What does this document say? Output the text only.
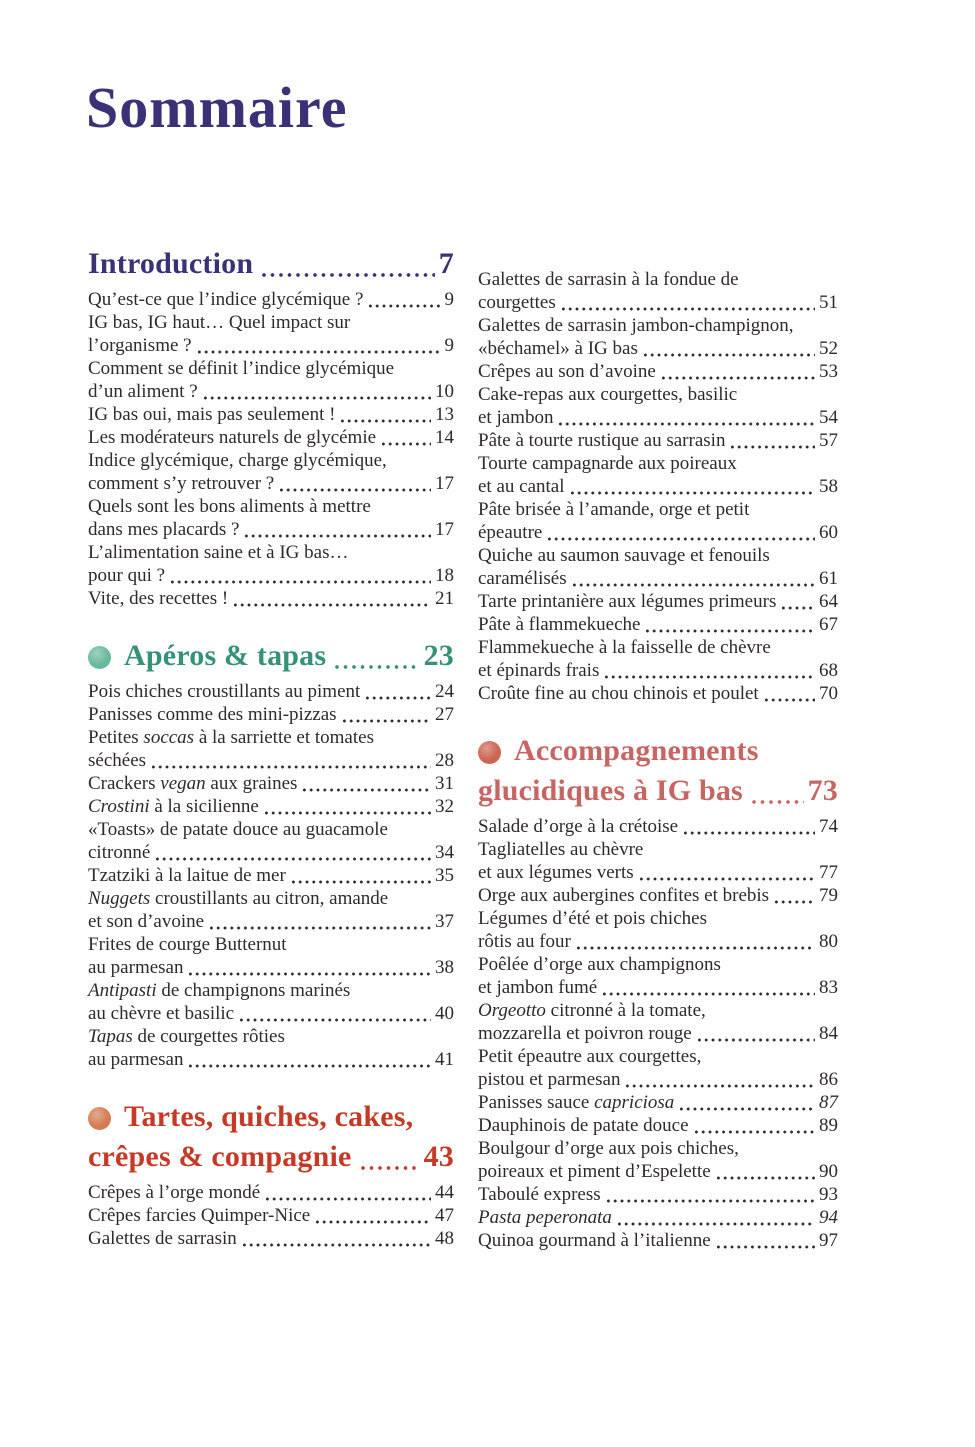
Sommaire
Introduction	7
Qu’est-ce que l’indice glycémique ?	9
IG bas, IG haut… Quel impact sur
l’organisme ?	9
Comment se définit l’indice glycémique
d’un aliment ?	10
IG bas oui, mais pas seulement !	13
Les modérateurs naturels de glycémie	14
Indice glycémique, charge glycémique,
comment s’y retrouver ?	17
Quels sont les bons aliments à mettre
dans mes placards ?	17
L’alimentation saine et à IG bas…
pour qui ?	18
Vite, des recettes !	21
Apéros & tapas	23
Pois chiches croustillants au piment	24
Panisses comme des mini-pizzas	27
Petites soccas à la sarriette et tomates
séchées	28
Crackers vegan aux graines	31
Crostini à la sicilienne	32
«Toasts» de patate douce au guacamole
citronné	34
Tzatziki à la laitue de mer	35
Nuggets croustillants au citron, amande
et son d’avoine	37
Frites de courge Butternut
au parmesan	38
Antipasti de champignons marinés
au chèvre et basilic	40
Tapas de courgettes rôties
au parmesan	41
Tartes, quiches, cakes,
crêpes & compagnie 43
Crêpes à l’orge mondé	44
Crêpes farcies Quimper-Nice	47
Galettes de sarrasin	48
Galettes de sarrasin à la fondue de
courgettes	51
Galettes de sarrasin jambon-champignon,
«béchamel» à IG bas	52
Crêpes au son d’avoine	53
Cake-repas aux courgettes, basilic
et jambon	54
Pâte à tourte rustique au sarrasin	57
Tourte campagnarde aux poireaux
et au cantal	58
Pâte brisée à l’amande, orge et petit
épeautre	60
Quiche au saumon sauvage et fenouils
caramélisés	61
Tarte printanière aux légumes primeurs 64
Pâte à flammekueche	67
Flammekueche à la faisselle de chèvre
et épinards frais	68
Croûte fine au chou chinois et poulet	70
Accompagnements
glucidiques à IG bas 73
Salade d’orge à la crétoise	74
Tagliatelles au chèvre
et aux légumes verts	77
Orge aux aubergines confites et brebis	79
Légumes d’été et pois chiches
rôtis au four	80
Poêlée d’orge aux champignons
et jambon fumé	83
Orgeotto citronné à la tomate,
mozzarella et poivron rouge	84
Petit épeautre aux courgettes,
pistou et parmesan	86
Panisses sauce capriciosa	87
Dauphinois de patate douce	89
Boulgour d’orge aux pois chiches,
poireaux et piment d’Espelette	90
Taboulé express	93
Pasta peperonata	94
Quinoa gourmand à l’italienne	97
